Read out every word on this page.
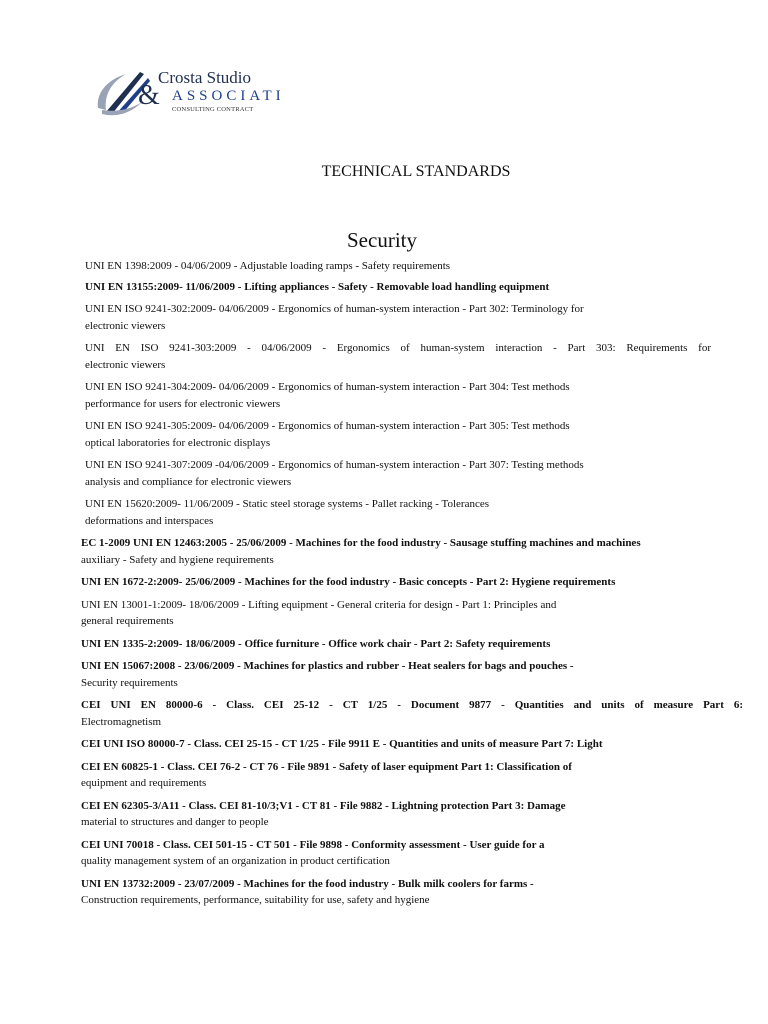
Crosta Studio
& ASSOCIATI
CONSULTING CONTRACT
TECHNICAL STANDARDS
Security
UNI EN 1398:2009 - 04/06/2009 - Adjustable loading ramps - Safety requirements
UNI EN 13155:2009- 11/06/2009 - Lifting appliances - Safety - Removable load handling equipment
UNI EN ISO 9241-302:2009- 04/06/2009 - Ergonomics of human-system interaction - Part 302: Terminology for
electronic viewers
UNI EN ISO 9241-303:2009 - 04/06/2009 - Ergonomics of human-system interaction - Part 303: Requirements for
electronic viewers
UNI EN ISO 9241-304:2009- 04/06/2009 - Ergonomics of human-system interaction - Part 304: Test methods
performance for users for electronic viewers
UNI EN ISO 9241-305:2009- 04/06/2009 - Ergonomics of human-system interaction - Part 305: Test methods
optical laboratories for electronic displays
UNI EN ISO 9241-307:2009 -04/06/2009 - Ergonomics of human-system interaction - Part 307: Testing methods
analysis and compliance for electronic viewers
UNI EN 15620:2009- 11/06/2009 - Static steel storage systems - Pallet racking - Tolerances
deformations and interspaces
EC 1-2009 UNI EN 12463:2005 - 25/06/2009 - Machines for the food industry - Sausage stuffing machines and machines
auxiliary - Safety and hygiene requirements
UNI EN 1672-2:2009- 25/06/2009 - Machines for the food industry - Basic concepts - Part 2: Hygiene requirements
UNI EN 13001-1:2009- 18/06/2009 - Lifting equipment - General criteria for design - Part 1: Principles and
general requirements
UNI EN 1335-2:2009- 18/06/2009 - Office furniture - Office work chair - Part 2: Safety requirements
UNI EN 15067:2008 - 23/06/2009 - Machines for plastics and rubber - Heat sealers for bags and pouches -
Security requirements
CEI UNI EN 80000-6 - Class. CEI 25-12 - CT 1/25 - Document 9877 - Quantities and units of measure Part 6:
Electromagnetism
CEI UNI ISO 80000-7 - Class. CEI 25-15 - CT 1/25 - File 9911 E - Quantities and units of measure Part 7: Light
CEI EN 60825-1 - Class. CEI 76-2 - CT 76 - File 9891 - Safety of laser equipment Part 1: Classification of
equipment and requirements
CEI EN 62305-3/A11 - Class. CEI 81-10/3;V1 - CT 81 - File 9882 - Lightning protection Part 3: Damage
material to structures and danger to people
CEI UNI 70018 - Class. CEI 501-15 - CT 501 - File 9898 - Conformity assessment - User guide for a
quality management system of an organization in product certification
UNI EN 13732:2009 - 23/07/2009 - Machines for the food industry - Bulk milk coolers for farms -
Construction requirements, performance, suitability for use, safety and hygiene
